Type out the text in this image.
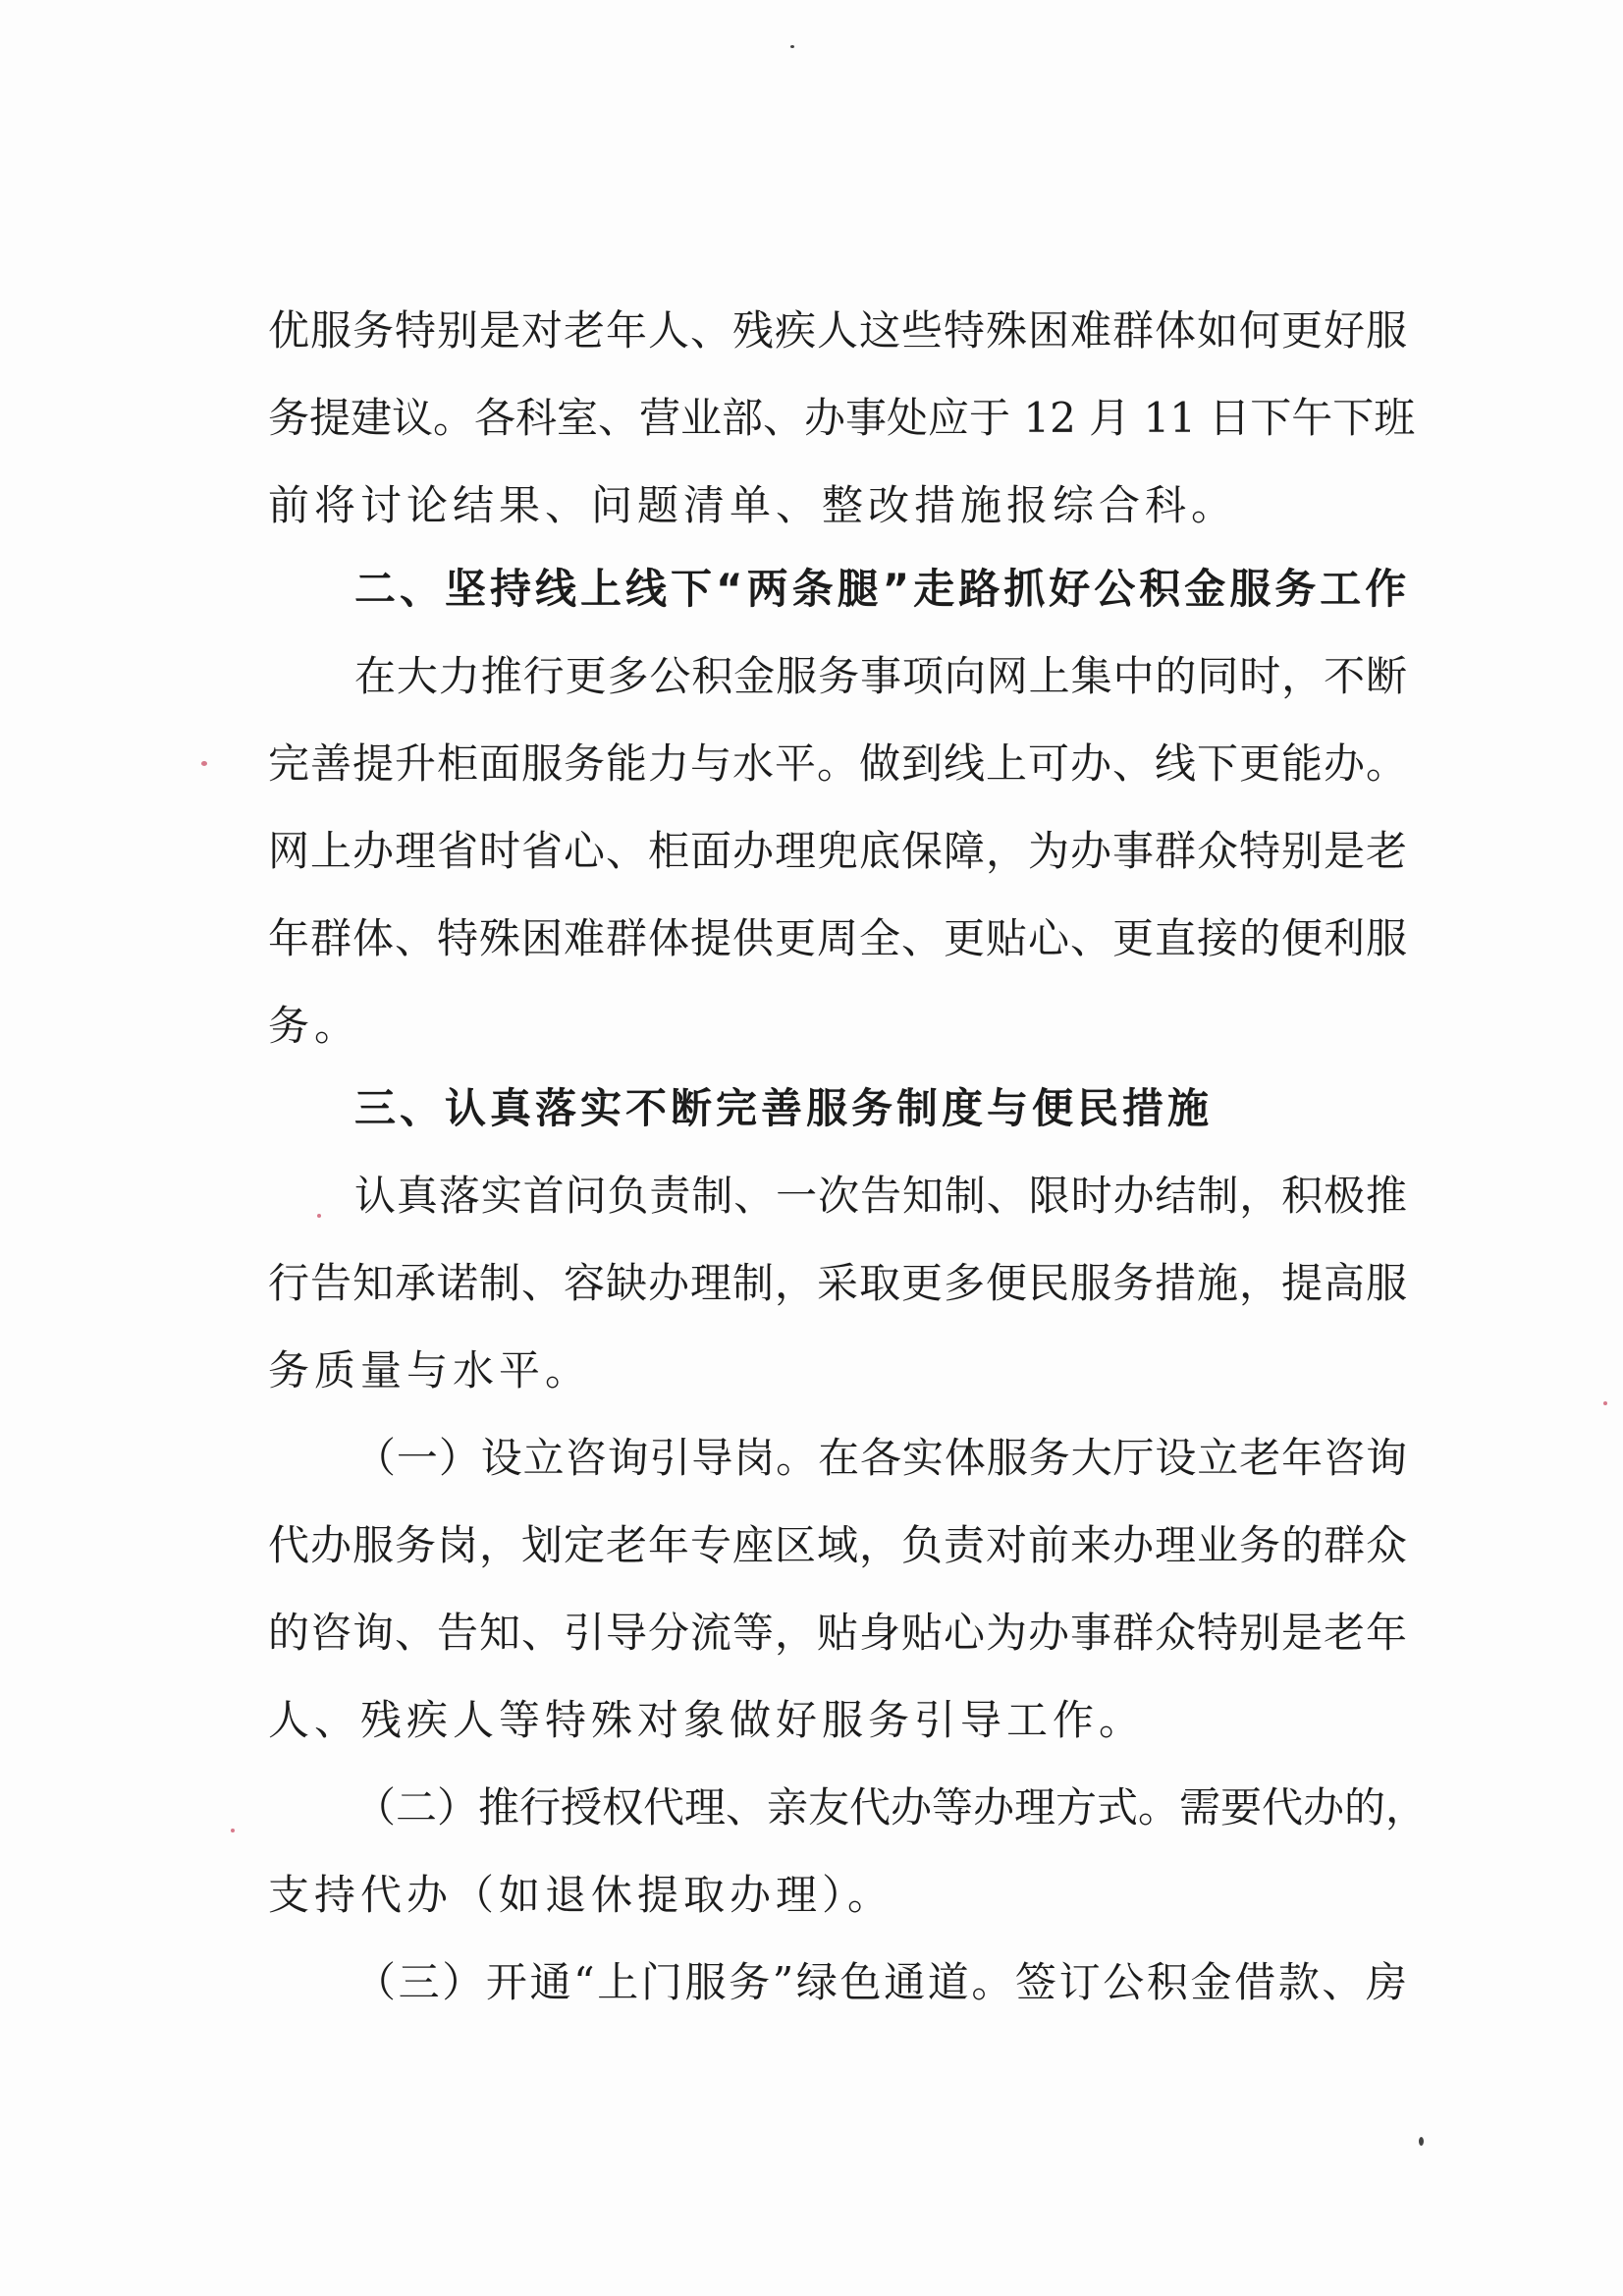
优服务特别是对老年人、残疾人这些特殊困难群体如何更好服
务提建议。各科室、营业部、办事处应于 12 月 11 日下午下班
前将讨论结果、问题清单、整改措施报综合科。
二、坚持线上线下“两条腿”走路抓好公积金服务工作
在大力推行更多公积金服务事项向网上集中的同时，不断
完善提升柜面服务能力与水平。做到线上可办、线下更能办。
网上办理省时省心、柜面办理兜底保障，为办事群众特别是老
年群体、特殊困难群体提供更周全、更贴心、更直接的便利服
务。
三、认真落实不断完善服务制度与便民措施
认真落实首问负责制、一次告知制、限时办结制，积极推
行告知承诺制、容缺办理制，采取更多便民服务措施，提高服
务质量与水平。
（一）设立咨询引导岗。在各实体服务大厅设立老年咨询
代办服务岗，划定老年专座区域，负责对前来办理业务的群众
的咨询、告知、引导分流等，贴身贴心为办事群众特别是老年
人、残疾人等特殊对象做好服务引导工作。
（二）推行授权代理、亲友代办等办理方式。需要代办的，
支持代办（如退休提取办理）。
（三）开通“上门服务”绿色通道。签订公积金借款、房
